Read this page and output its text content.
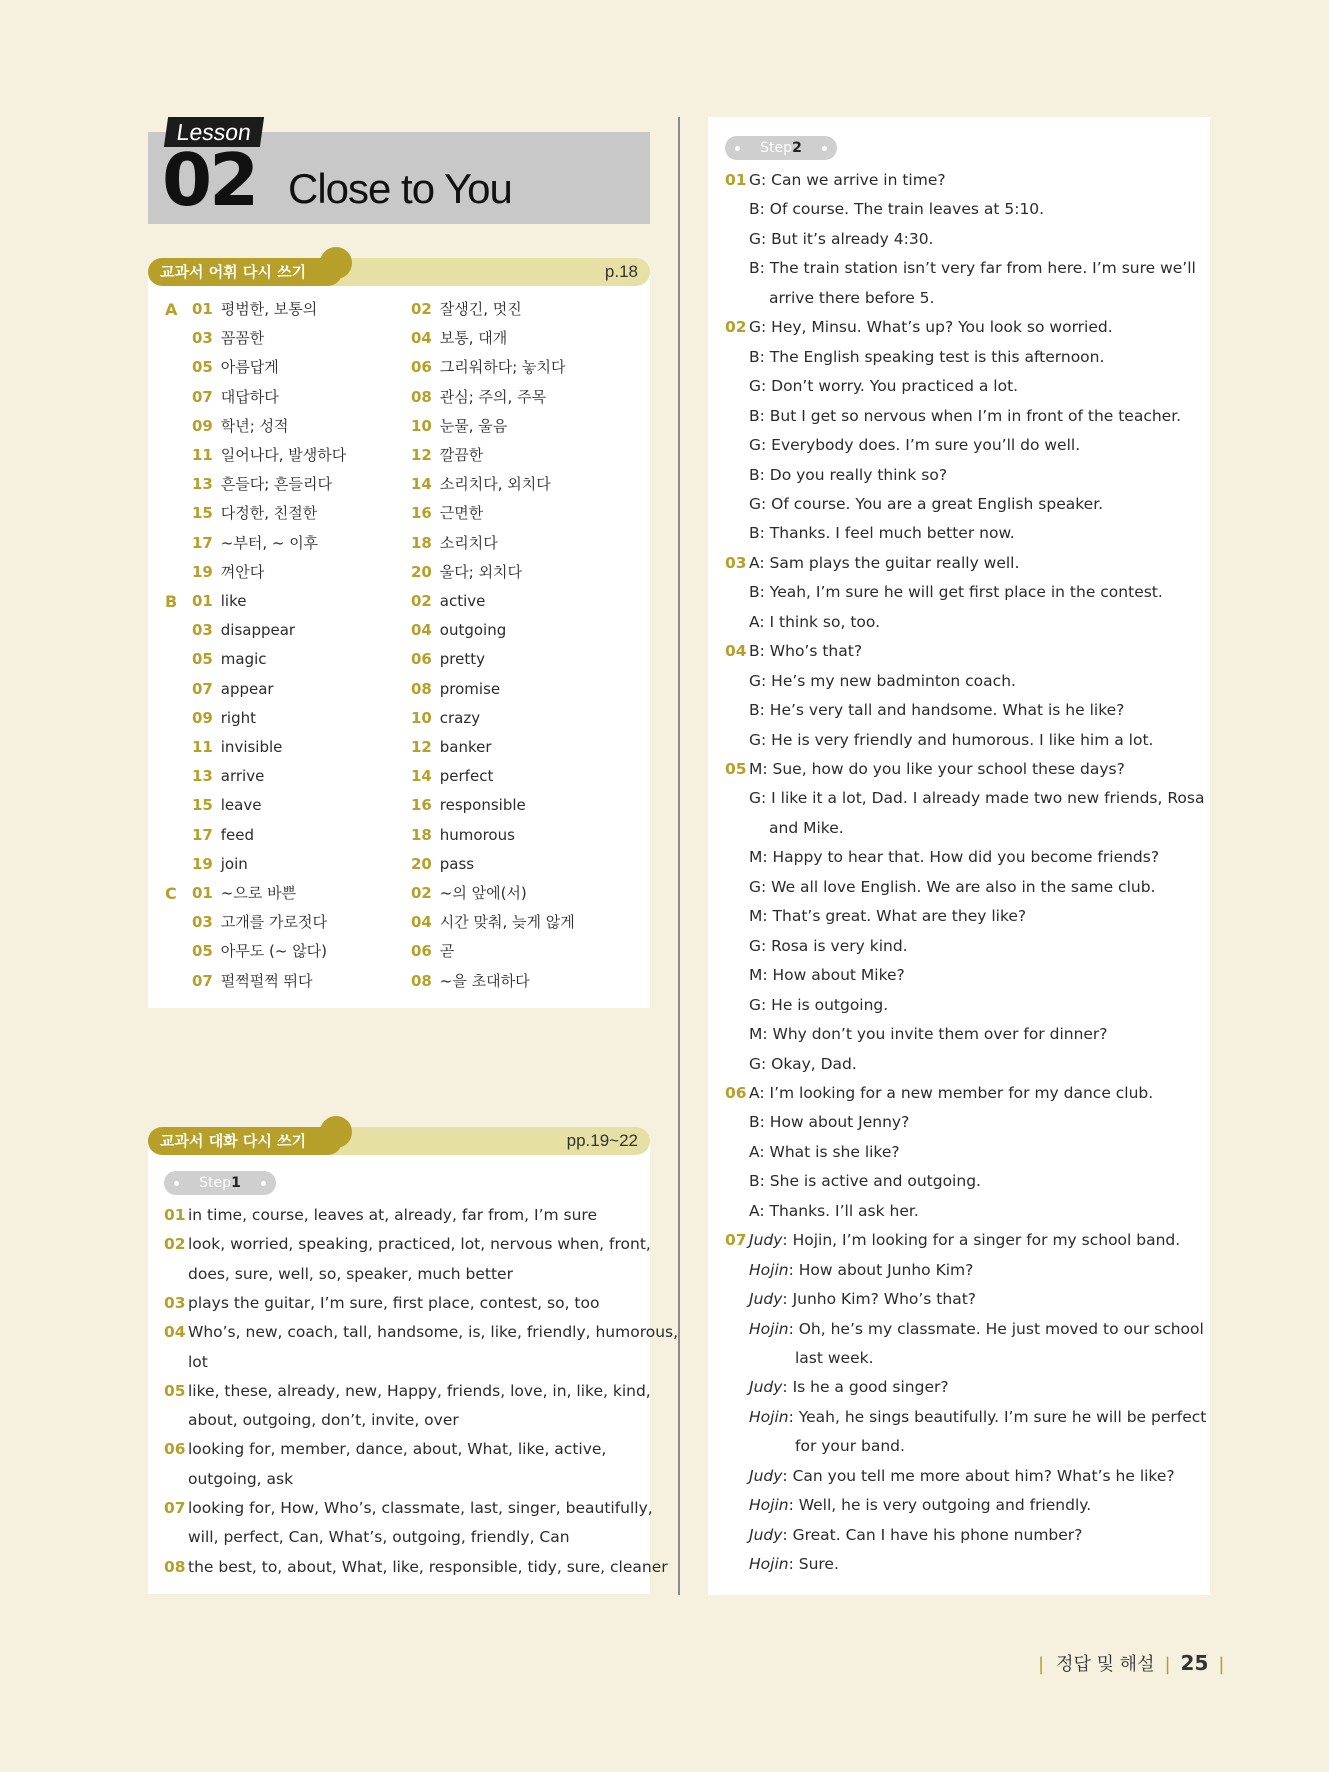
Lesson
02 Close to You
교과서 어휘 다시 쓰기	p.18
A 01 평범한, 보통의	02 잘생긴, 멋진
03 꼼꼼한	04 보통, 대개
05 아름답게	06 그리워하다; 놓치다
07 대답하다	08 관심; 주의, 주목
09 학년; 성적	10 눈물, 울음
11 일어나다, 발생하다	12 깔끔한
13 흔들다; 흔들리다	14 소리치다, 외치다
15 다정한, 친절한	16 근면한
17 ~부터, ~ 이후	18 소리치다
19 껴안다	20 울다; 외치다
B 01 like	02 active
03 disappear	04 outgoing
05 magic	06 pretty
07 appear	08 promise
09 right	10 crazy
11 invisible	12 banker
13 arrive	14 perfect
15 leave	16 responsible
17 feed	18 humorous
19 join	20 pass
C 01 ~으로 바쁜	02 ~의 앞에(서)
03 고개를 가로젓다	04 시간 맞춰, 늦게 않게
05 아무도 (~ 않다)	06 곧
07 펄쩍펄쩍 뛰다	08 ~을 초대하다
교과서 대화 다시 쓰기	pp.19~22
Step1
01 in time, course, leaves at, already, far from, I’m sure
02 look, worried, speaking, practiced, lot, nervous when, front,
does, sure, well, so, speaker, much better
03 plays the guitar, I’m sure, first place, contest, so, too
04 Who’s, new, coach, tall, handsome, is, like, friendly, humorous,
lot
05 like, these, already, new, Happy, friends, love, in, like, kind,
about, outgoing, don’t, invite, over
06 looking for, member, dance, about, What, like, active,
outgoing, ask
07 looking for, How, Who’s, classmate, last, singer, beautifully,
will, perfect, Can, What’s, outgoing, friendly, Can
08 the best, to, about, What, like, responsible, tidy, sure, cleaner
Step2
01 G: Can we arrive in time?
B: Of course. The train leaves at 5:10.
G: But it’s already 4:30.
B: The train station isn’t very far from here. I’m sure we’ll
arrive there before 5.
02 G: Hey, Minsu. What’s up? You look so worried.
B: The English speaking test is this afternoon.
G: Don’t worry. You practiced a lot.
B: But I get so nervous when I’m in front of the teacher.
G: Everybody does. I’m sure you’ll do well.
B: Do you really think so?
G: Of course. You are a great English speaker.
B: Thanks. I feel much better now.
03 A: Sam plays the guitar really well.
B: Yeah, I’m sure he will get first place in the contest.
A: I think so, too.
04 B: Who’s that?
G: He’s my new badminton coach.
B: He’s very tall and handsome. What is he like?
G: He is very friendly and humorous. I like him a lot.
05 M: Sue, how do you like your school these days?
G: I like it a lot, Dad. I already made two new friends, Rosa
and Mike.
M: Happy to hear that. How did you become friends?
G: We all love English. We are also in the same club.
M: That’s great. What are they like?
G: Rosa is very kind.
M: How about Mike?
G: He is outgoing.
M: Why don’t you invite them over for dinner?
G: Okay, Dad.
06 A: I’m looking for a new member for my dance club.
B: How about Jenny?
A: What is she like?
B: She is active and outgoing.
A: Thanks. I’ll ask her.
07 Judy: Hojin, I’m looking for a singer for my school band.
Hojin: How about Junho Kim?
Judy: Junho Kim? Who’s that?
Hojin: Oh, he’s my classmate. He just moved to our school
last week.
Judy: Is he a good singer?
Hojin: Yeah, he sings beautifully. I’m sure he will be perfect
for your band.
Judy: Can you tell me more about him? What’s he like?
Hojin: Well, he is very outgoing and friendly.
Judy: Great. Can I have his phone number?
Hojin: Sure.
| 정답 및 해설 | 25 |
